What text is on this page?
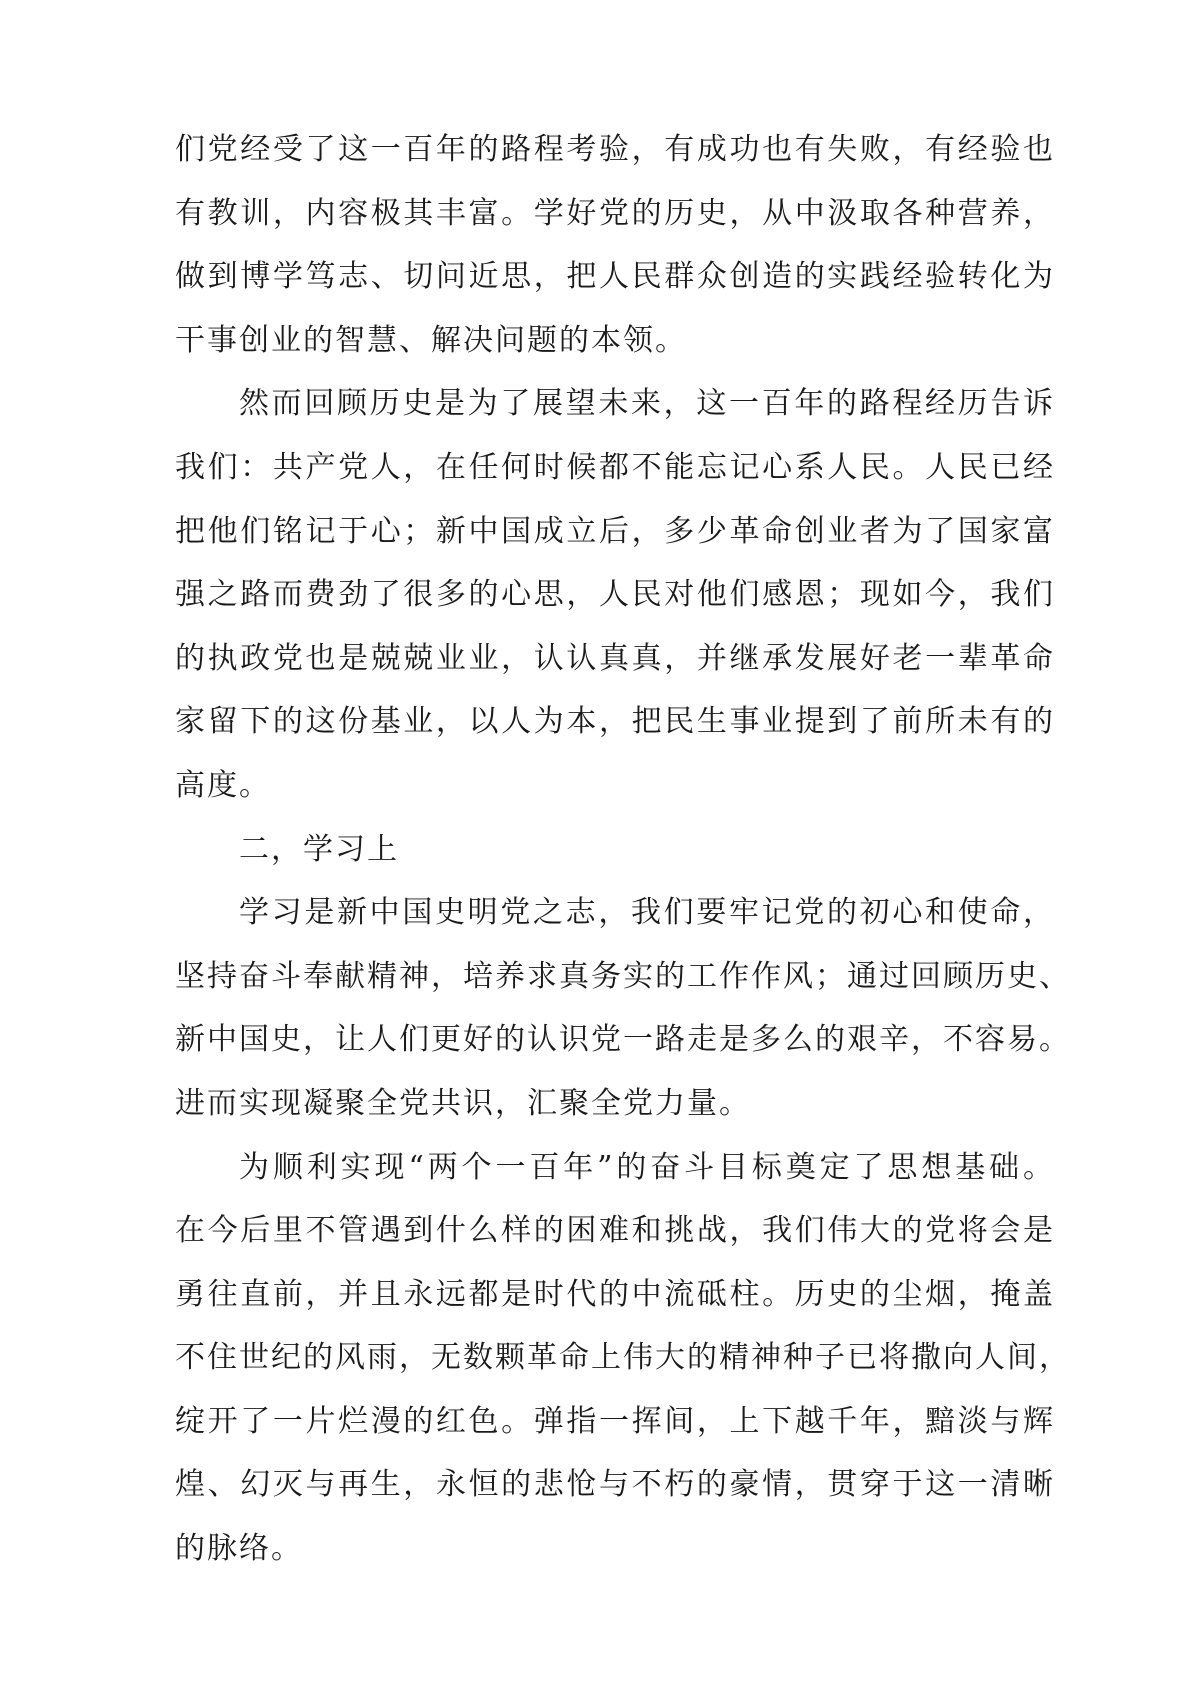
们党经受了这一百年的路程考验，有成功也有失败，有经验也
有教训，内容极其丰富。学好党的历史，从中汲取各种营养，
做到博学笃志、切问近思，把人民群众创造的实践经验转化为
干事创业的智慧、解决问题的本领。

然而回顾历史是为了展望未来，这一百年的路程经历告诉
我们：共产党人，在任何时候都不能忘记心系人民。人民已经
把他们铭记于心；新中国成立后，多少革命创业者为了国家富
强之路而费劲了很多的心思，人民对他们感恩；现如今，我们
的执政党也是兢兢业业，认认真真，并继承发展好老一辈革命
家留下的这份基业，以人为本，把民生事业提到了前所未有的
高度。

二，学习上

学习是新中国史明党之志，我们要牢记党的初心和使命，
坚持奋斗奉献精神，培养求真务实的工作作风；通过回顾历史、
新中国史，让人们更好的认识党一路走是多么的艰辛，不容易。
进而实现凝聚全党共识，汇聚全党力量。

为顺利实现“两个一百年”的奋斗目标奠定了思想基础。
在今后里不管遇到什么样的困难和挑战，我们伟大的党将会是
勇往直前，并且永远都是时代的中流砥柱。历史的尘烟，掩盖
不住世纪的风雨，无数颗革命上伟大的精神种子已将撒向人间，
绽开了一片烂漫的红色。弹指一挥间，上下越千年，黯淡与辉
煌、幻灭与再生，永恒的悲怆与不朽的豪情，贯穿于这一清晰
的脉络。
